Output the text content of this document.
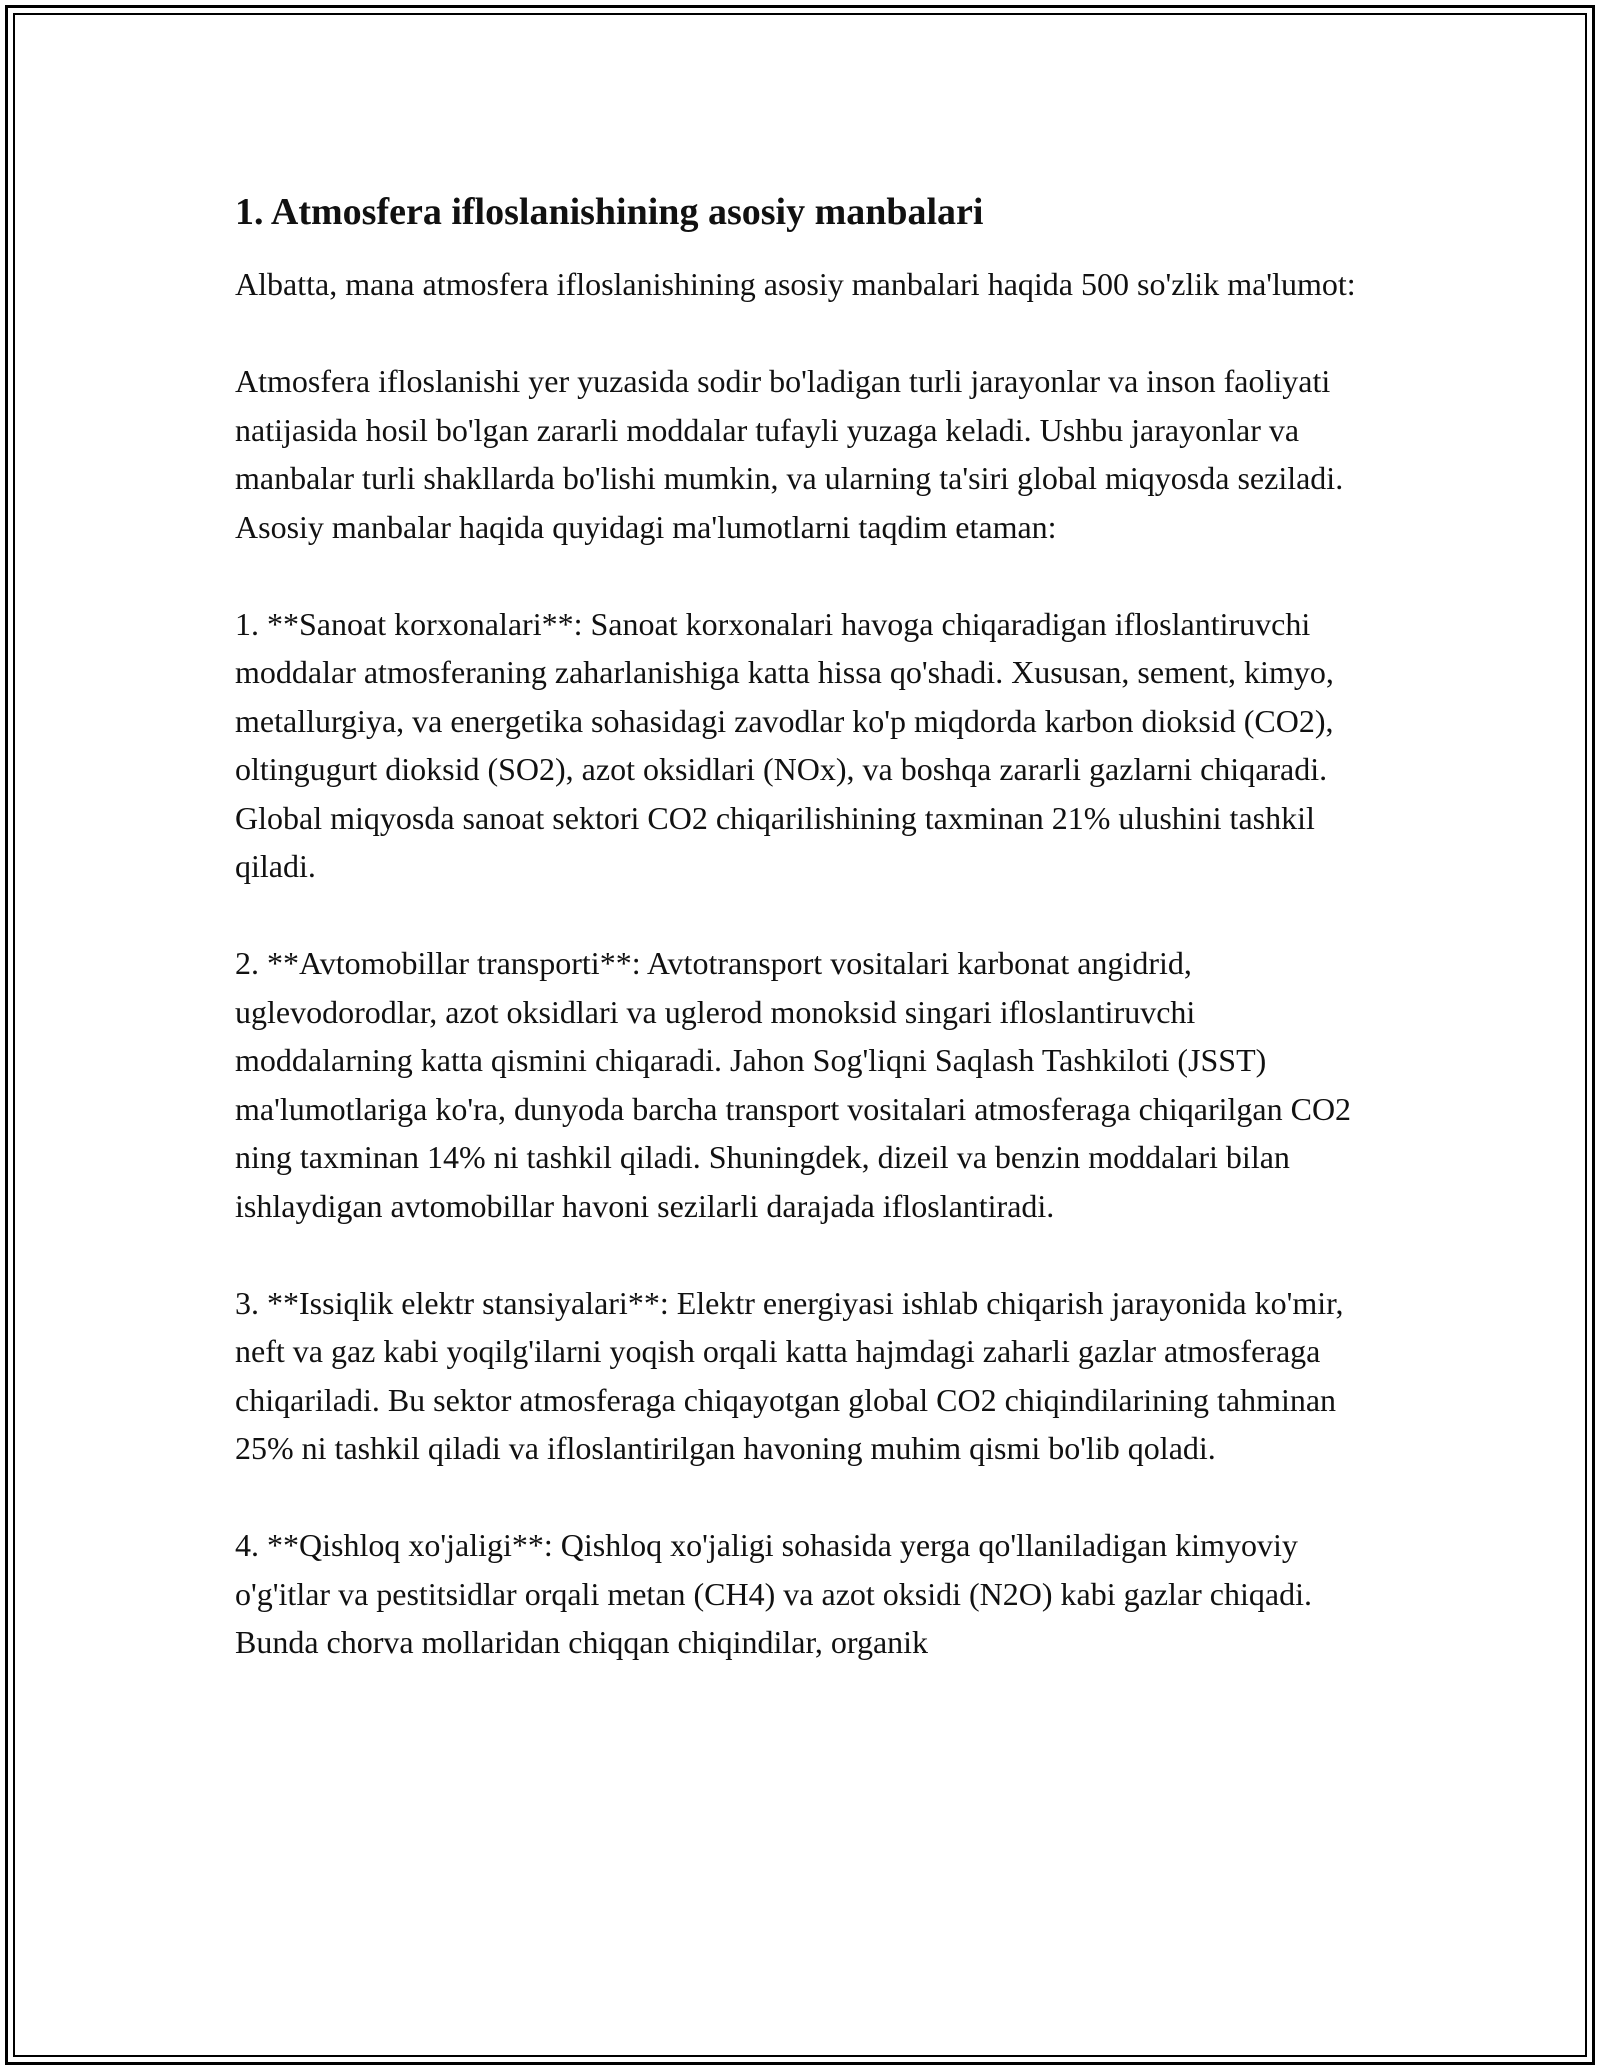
1. Atmosfera ifloslanishining asosiy manbalari

Albatta, mana atmosfera ifloslanishining asosiy manbalari haqida 500 so'zlik ma'lumot:

Atmosfera ifloslanishi yer yuzasida sodir bo'ladigan turli jarayonlar va inson faoliyati natijasida hosil bo'lgan zararli moddalar tufayli yuzaga keladi. Ushbu jarayonlar va manbalar turli shakllarda bo'lishi mumkin, va ularning ta'siri global miqyosda seziladi. Asosiy manbalar haqida quyidagi ma'lumotlarni taqdim etaman:

1. **Sanoat korxonalari**: Sanoat korxonalari havoga chiqaradigan ifloslantiruvchi moddalar atmosferaning zaharlanishiga katta hissa qo'shadi. Xususan, sement, kimyo, metallurgiya, va energetika sohasidagi zavodlar ko'p miqdorda karbon dioksid (CO2), oltingugurt dioksid (SO2), azot oksidlari (NOx), va boshqa zararli gazlarni chiqaradi. Global miqyosda sanoat sektori CO2 chiqarilishining taxminan 21% ulushini tashkil qiladi.

2. **Avtomobillar transporti**: Avtotransport vositalari karbonat angidrid, uglevodorodlar, azot oksidlari va uglerod monoksid singari ifloslantiruvchi moddalarning katta qismini chiqaradi. Jahon Sog'liqni Saqlash Tashkiloti (JSST) ma'lumotlariga ko'ra, dunyoda barcha transport vositalari atmosferaga chiqarilgan CO2 ning taxminan 14% ni tashkil qiladi. Shuningdek, dizeil va benzin moddalari bilan ishlaydigan avtomobillar havoni sezilarli darajada ifloslantiradi.

3. **Issiqlik elektr stansiyalari**: Elektr energiyasi ishlab chiqarish jarayonida ko'mir, neft va gaz kabi yoqilg'ilarni yoqish orqali katta hajmdagi zaharli gazlar atmosferaga chiqariladi. Bu sektor atmosferaga chiqayotgan global CO2 chiqindilarining tahminan 25% ni tashkil qiladi va ifloslantirilgan havoning muhim qismi bo'lib qoladi.

4. **Qishloq xo'jaligi**: Qishloq xo'jaligi sohasida yerga qo'llaniladigan kimyoviy o'g'itlar va pestitsidlar orqali metan (CH4) va azot oksidi (N2O) kabi gazlar chiqadi. Bunda chorva mollaridan chiqqan chiqindilar, organik
